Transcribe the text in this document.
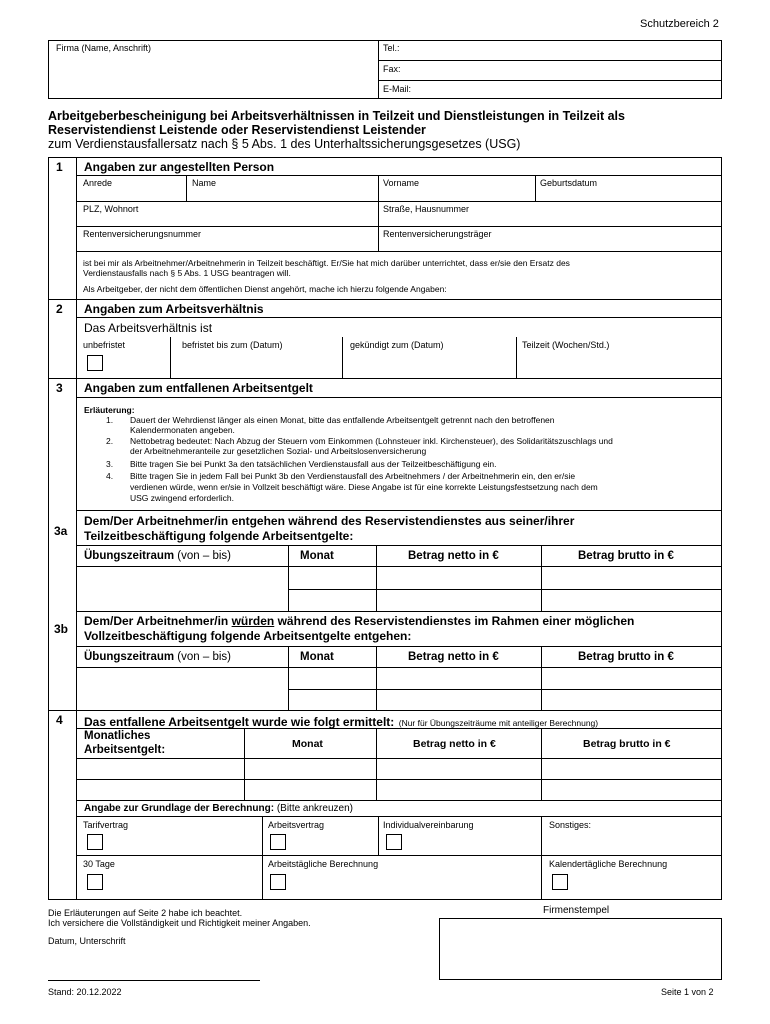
Schutzbereich 2
Firma (Name, Anschrift)	Tel.:
Fax:
E-Mail:
Arbeitgeberbescheinigung bei Arbeitsverhältnissen in Teilzeit und Dienstleistungen in Teilzeit als
Reservistendienst Leistende oder Reservistendienst Leistender
zum Verdienstausfallersatz nach § 5 Abs. 1 des Unterhaltssicherungsgesetzes (USG)
1 Angaben zur angestellten Person
Anrede	Name	Vorname	Geburtsdatum
PLZ, Wohnort	Straße, Hausnummer
Rentenversicherungsnummer	Rentenversicherungsträger
ist bei mir als Arbeitnehmer/Arbeitnehmerin in Teilzeit beschäftigt. Er/Sie hat mich darüber unterrichtet, dass er/sie den Ersatz des
Verdienstausfalls nach § 5 Abs. 1 USG beantragen will.
Als Arbeitgeber, der nicht dem öffentlichen Dienst angehört, mache ich hierzu folgende Angaben:
2 Angaben zum Arbeitsverhältnis
Das Arbeitsverhältnis ist
unbefristet	befristet bis zum (Datum)	gekündigt zum (Datum)	Teilzeit (Wochen/Std.)
3 Angaben zum entfallenen Arbeitsentgelt
Erläuterung:
1. Dauert der Wehrdienst länger als einen Monat, bitte das entfallende Arbeitsentgelt getrennt nach den betroffenen
Kalendermonaten angeben.
2. Nettobetrag bedeutet: Nach Abzug der Steuern vom Einkommen (Lohnsteuer inkl. Kirchensteuer), des Solidaritätszuschlags und
der Arbeitnehmeranteile zur gesetzlichen Sozial- und Arbeitslosenversicherung
3. Bitte tragen Sie bei Punkt 3a den tatsächlichen Verdienstausfall aus der Teilzeitbeschäftigung ein.
4. Bitte tragen Sie in jedem Fall bei Punkt 3b den Verdienstausfall des Arbeitnehmers / der Arbeitnehmerin ein, den er/sie
verdienen würde, wenn er/sie in Vollzeit beschäftigt wäre. Diese Angabe ist für eine korrekte Leistungsfestsetzung nach dem
USG zwingend erforderlich.
3a
Dem/Der Arbeitnehmer/in entgehen während des Reservistendienstes aus seiner/ihrer
Teilzeitbeschäftigung folgende Arbeitsentgelte:
Übungszeitraum (von – bis)	Monat	Betrag netto in €	Betrag brutto in €
3b
Dem/Der Arbeitnehmer/in würden während des Reservistendienstes im Rahmen einer möglichen
Vollzeitbeschäftigung folgende Arbeitsentgelte entgehen:
Übungszeitraum (von – bis)	Monat	Betrag netto in €	Betrag brutto in €
4 Das entfallene Arbeitsentgelt wurde wie folgt ermittelt: (Nur für Übungszeiträume mit anteiliger Berechnung)
Monatliches
Arbeitsentgelt:	Monat	Betrag netto in €	Betrag brutto in €
Angabe zur Grundlage der Berechnung: (Bitte ankreuzen)
Tarifvertrag	Arbeitsvertrag	Individualvereinbarung	Sonstiges:
30 Tage	Arbeitstägliche Berechnung	Kalendertägliche Berechnung
Die Erläuterungen auf Seite 2 habe ich beachtet.
Ich versichere die Vollständigkeit und Richtigkeit meiner Angaben.
Datum, Unterschrift
Firmenstempel
Stand: 20.12.2022	Seite 1 von 2
